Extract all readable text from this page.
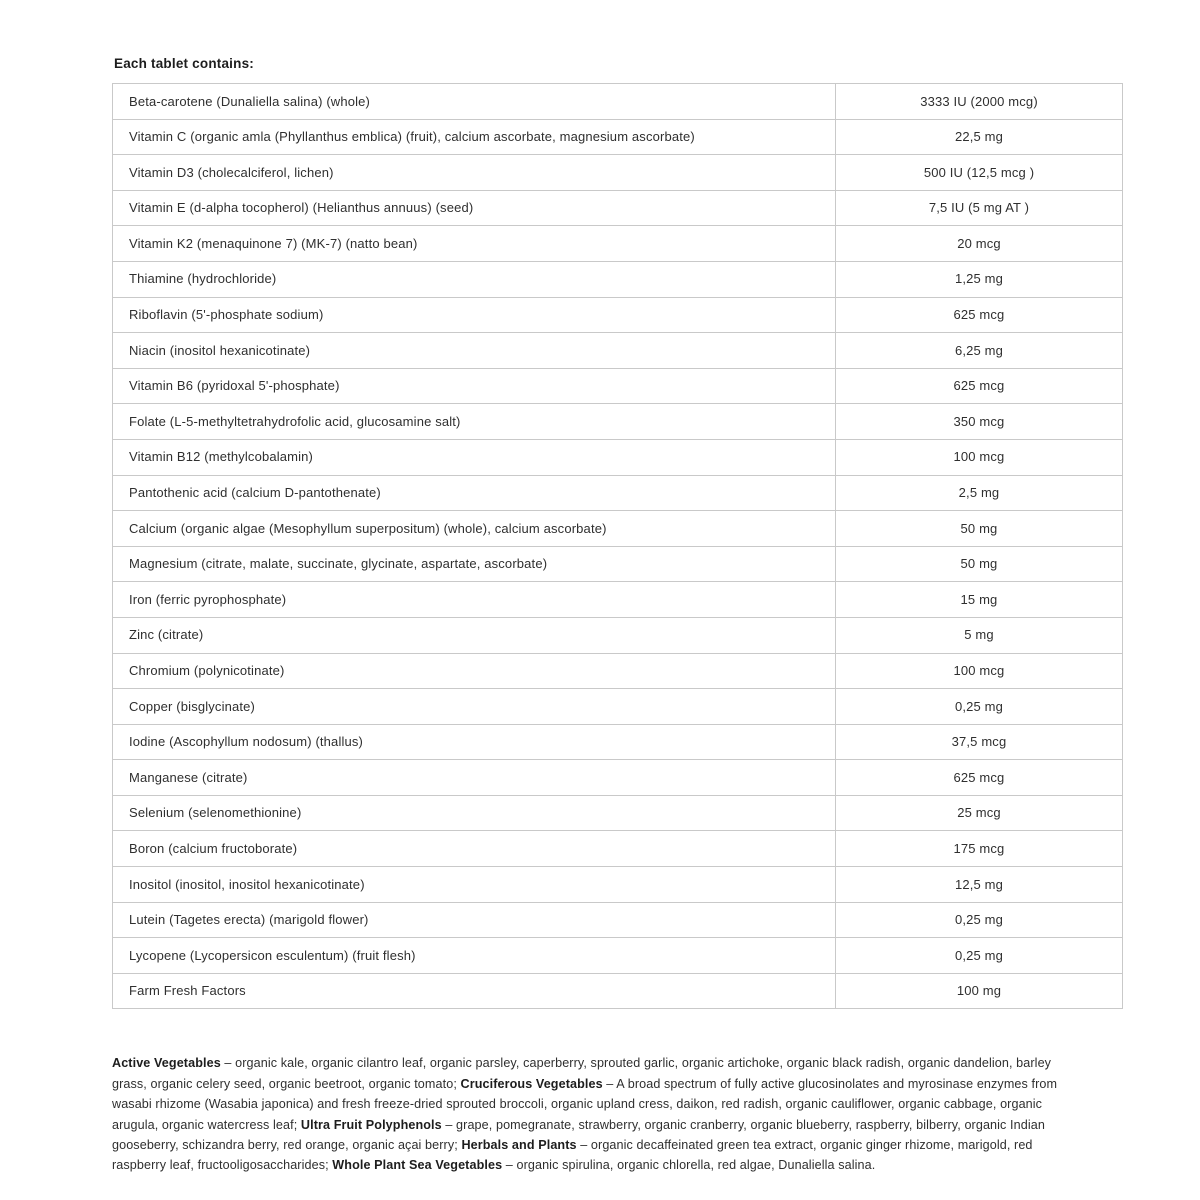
Each tablet contains:
Beta-carotene (Dunaliella salina) (whole)	3333 IU (2000 mcg)
Vitamin C (organic amla (Phyllanthus emblica) (fruit), calcium ascorbate, magnesium ascorbate)	22,5 mg
Vitamin D3 (cholecalciferol, lichen)	500 IU (12,5 mcg )
Vitamin E (d-alpha tocopherol) (Helianthus annuus) (seed)	7,5 IU (5 mg AT )
Vitamin K2 (menaquinone 7) (MK-7) (natto bean)	20 mcg
Thiamine (hydrochloride)	1,25 mg
Riboflavin (5'-phosphate sodium)	625 mcg
Niacin (inositol hexanicotinate)	6,25 mg
Vitamin B6 (pyridoxal 5'-phosphate)	625 mcg
Folate (L-5-methyltetrahydrofolic acid, glucosamine salt)	350 mcg
Vitamin B12 (methylcobalamin)	100 mcg
Pantothenic acid (calcium D-pantothenate)	2,5 mg
Calcium (organic algae (Mesophyllum superpositum) (whole), calcium ascorbate)	50 mg
Magnesium (citrate, malate, succinate, glycinate, aspartate, ascorbate)	50 mg
Iron (ferric pyrophosphate)	15 mg
Zinc (citrate)	5 mg
Chromium (polynicotinate)	100 mcg
Copper (bisglycinate)	0,25 mg
Iodine (Ascophyllum nodosum) (thallus)	37,5 mcg
Manganese (citrate)	625 mcg
Selenium (selenomethionine)	25 mcg
Boron (calcium fructoborate)	175 mcg
Inositol (inositol, inositol hexanicotinate)	12,5 mg
Lutein (Tagetes erecta) (marigold flower)	0,25 mg
Lycopene (Lycopersicon esculentum) (fruit flesh)	0,25 mg
Farm Fresh Factors	100 mg

Active Vegetables – organic kale, organic cilantro leaf, organic parsley, caperberry, sprouted garlic, organic artichoke, organic black radish, organic dandelion, barley grass, organic celery seed, organic beetroot, organic tomato; Cruciferous Vegetables – A broad spectrum of fully active glucosinolates and myrosinase enzymes from wasabi rhizome (Wasabia japonica) and fresh freeze-dried sprouted broccoli, organic upland cress, daikon, red radish, organic cauliflower, organic cabbage, organic arugula, organic watercress leaf; Ultra Fruit Polyphenols – grape, pomegranate, strawberry, organic cranberry, organic blueberry, raspberry, bilberry, organic Indian gooseberry, schizandra berry, red orange, organic açai berry; Herbals and Plants – organic decaffeinated green tea extract, organic ginger rhizome, marigold, red raspberry leaf, fructooligosaccharides; Whole Plant Sea Vegetables – organic spirulina, organic chlorella, red algae, Dunaliella salina.
